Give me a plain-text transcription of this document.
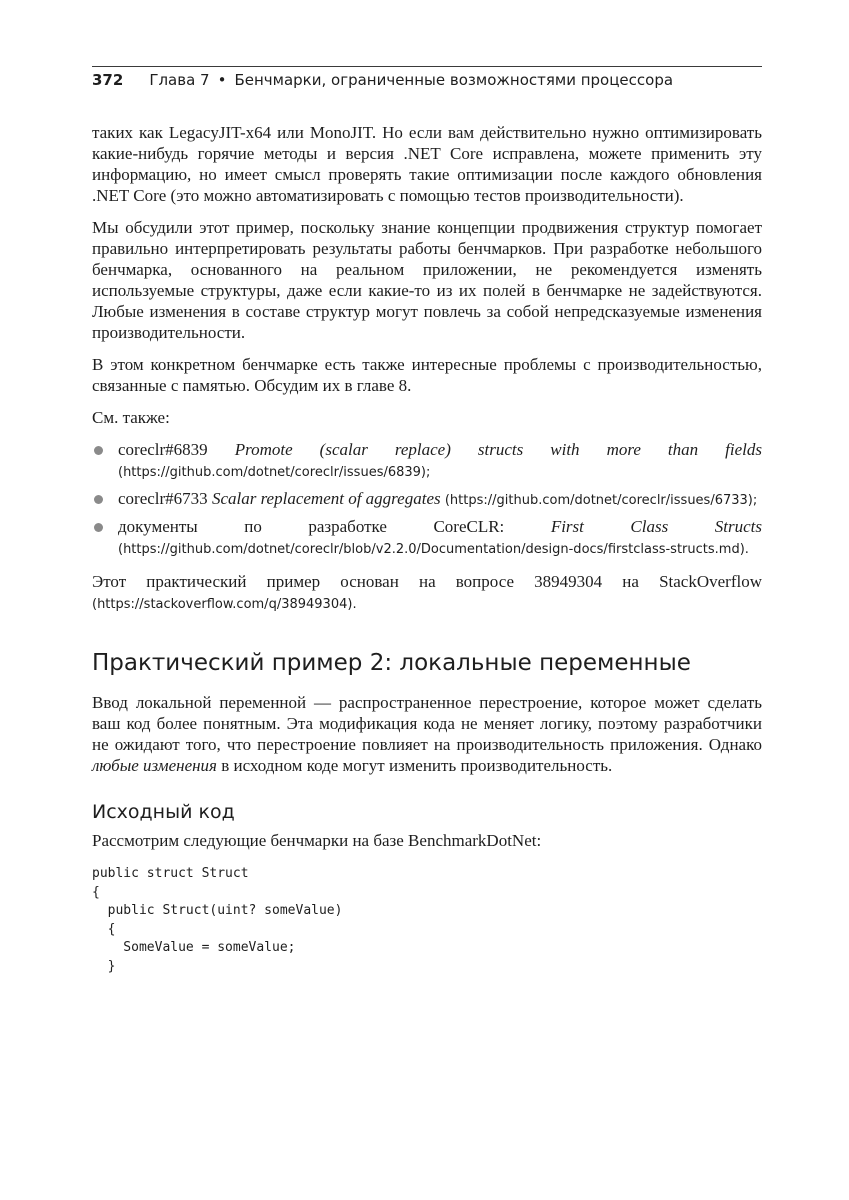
372 Глава 7 • Бенчмарки, ограниченные возможностями процессора

таких как LegacyJIT-x64 или MonoJIT. Но если вам действительно нужно оптимизировать какие-нибудь горячие методы и версия .NET Core исправлена, можете применить эту информацию, но имеет смысл проверять такие оптимизации после каждого обновления .NET Core (это можно автоматизировать с помощью тестов производительности).

Мы обсудили этот пример, поскольку знание концепции продвижения структур помогает правильно интерпретировать результаты работы бенчмарков. При разработке небольшого бенчмарка, основанного на реальном приложении, не рекомендуется изменять используемые структуры, даже если какие-то из их полей в бенчмарке не задействуются. Любые изменения в составе структур могут повлечь за собой непредсказуемые изменения производительности.

В этом конкретном бенчмарке есть также интересные проблемы с производительностью, связанные с памятью. Обсудим их в главе 8.

См. также:

coreclr#6839 Promote (scalar replace) structs with more than fields (https://github.com/dotnet/coreclr/issues/6839);
coreclr#6733 Scalar replacement of aggregates (https://github.com/dotnet/coreclr/issues/6733);
документы по разработке CoreCLR: First Class Structs (https://github.com/dotnet/coreclr/blob/v2.2.0/Documentation/design-docs/firstclass-structs.md).

Этот практический пример основан на вопросе 38949304 на StackOverflow (https://stackoverflow.com/q/38949304).

Практический пример 2: локальные переменные

Ввод локальной переменной — распространенное перестроение, которое может сделать ваш код более понятным. Эта модификация кода не меняет логику, поэтому разработчики не ожидают того, что перестроение повлияет на производительность приложения. Однако любые изменения в исходном коде могут изменить производительность.

Исходный код

Рассмотрим следующие бенчмарки на базе BenchmarkDotNet:

public struct Struct
{
public Struct(uint? someValue)
{
SomeValue = someValue;
}
